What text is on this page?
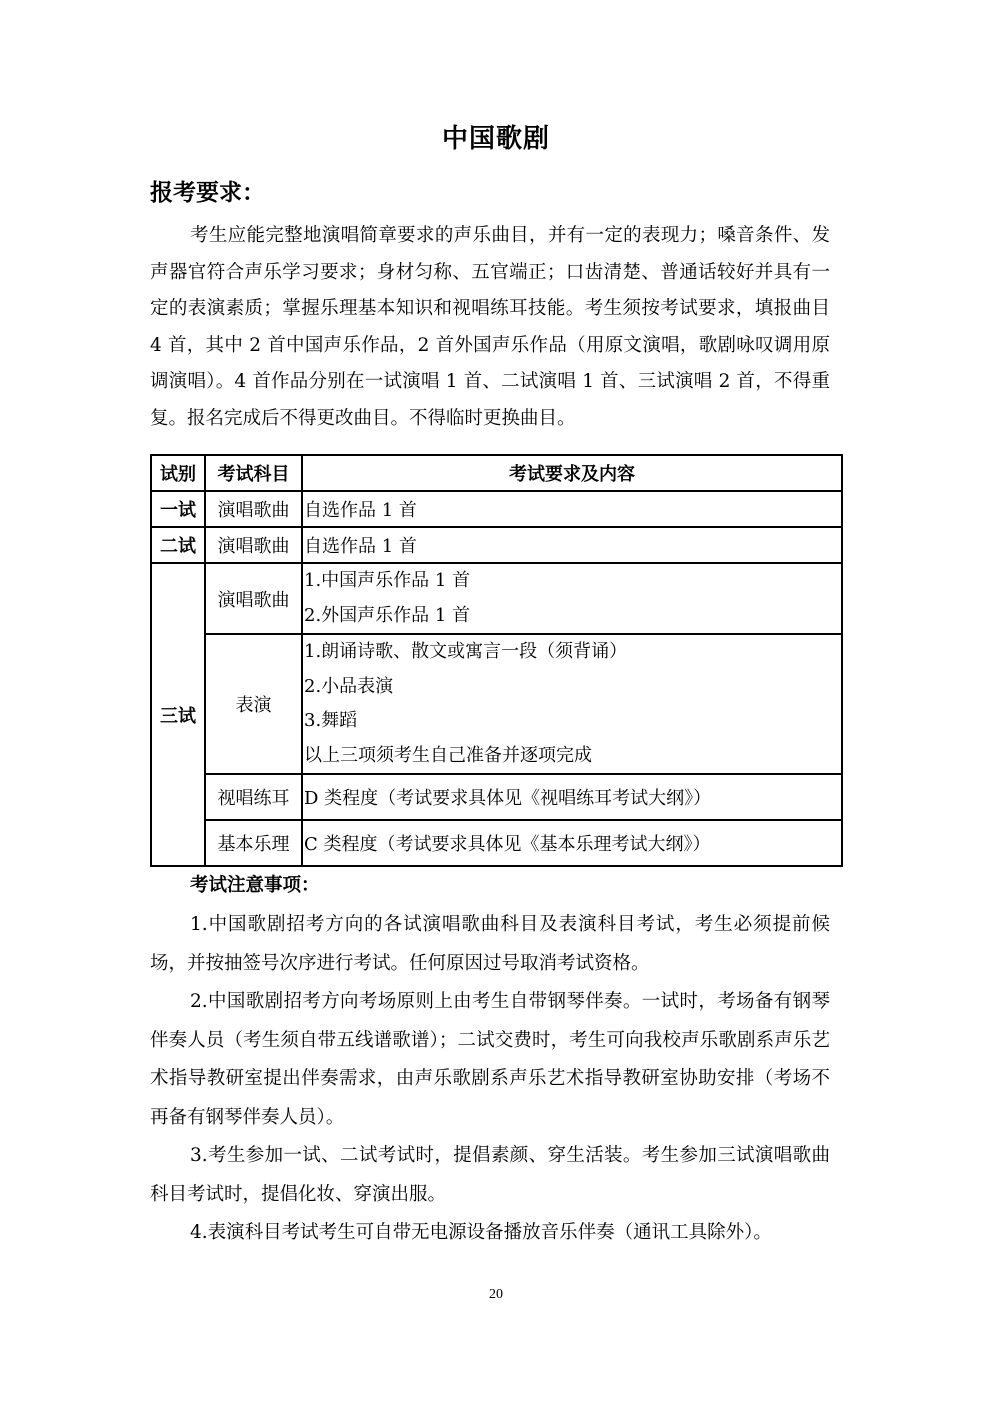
中国歌剧
报考要求：

考生应能完整地演唱简章要求的声乐曲目，并有一定的表现力；嗓音条件、发声器官符合声乐学习要求；身材匀称、五官端正；口齿清楚、普通话较好并具有一定的表演素质；掌握乐理基本知识和视唱练耳技能。考生须按考试要求，填报曲目 4 首，其中 2 首中国声乐作品，2 首外国声乐作品（用原文演唱，歌剧咏叹调用原调演唱）。4 首作品分别在一试演唱 1 首、二试演唱 1 首、三试演唱 2 首，不得重复。报名完成后不得更改曲目。不得临时更换曲目。

试别	考试科目	考试要求及内容
一试	演唱歌曲	自选作品 1 首
二试	演唱歌曲	自选作品 1 首
三试	演唱歌曲	1.中国声乐作品 1 首
2.外国声乐作品 1 首

	表演	1.朗诵诗歌、散文或寓言一段（须背诵）
2.小品表演
3.舞蹈
以上三项须考生自己准备并逐项完成

	视唱练耳	D 类程度（考试要求具体见《视唱练耳考试大纲》）
	基本乐理	C 类程度（考试要求具体见《基本乐理考试大纲》）
考试注意事项：

1.中国歌剧招考方向的各试演唱歌曲科目及表演科目考试，考生必须提前候场，并按抽签号次序进行考试。任何原因过号取消考试资格。

2.中国歌剧招考方向考场原则上由考生自带钢琴伴奏。一试时，考场备有钢琴伴奏人员（考生须自带五线谱歌谱）；二试交费时，考生可向我校声乐歌剧系声乐艺术指导教研室提出伴奏需求，由声乐歌剧系声乐艺术指导教研室协助安排（考场不再备有钢琴伴奏人员）。

3.考生参加一试、二试考试时，提倡素颜、穿生活装。考生参加三试演唱歌曲科目考试时，提倡化妆、穿演出服。

4.表演科目考试考生可自带无电源设备播放音乐伴奏（通讯工具除外）。

20
